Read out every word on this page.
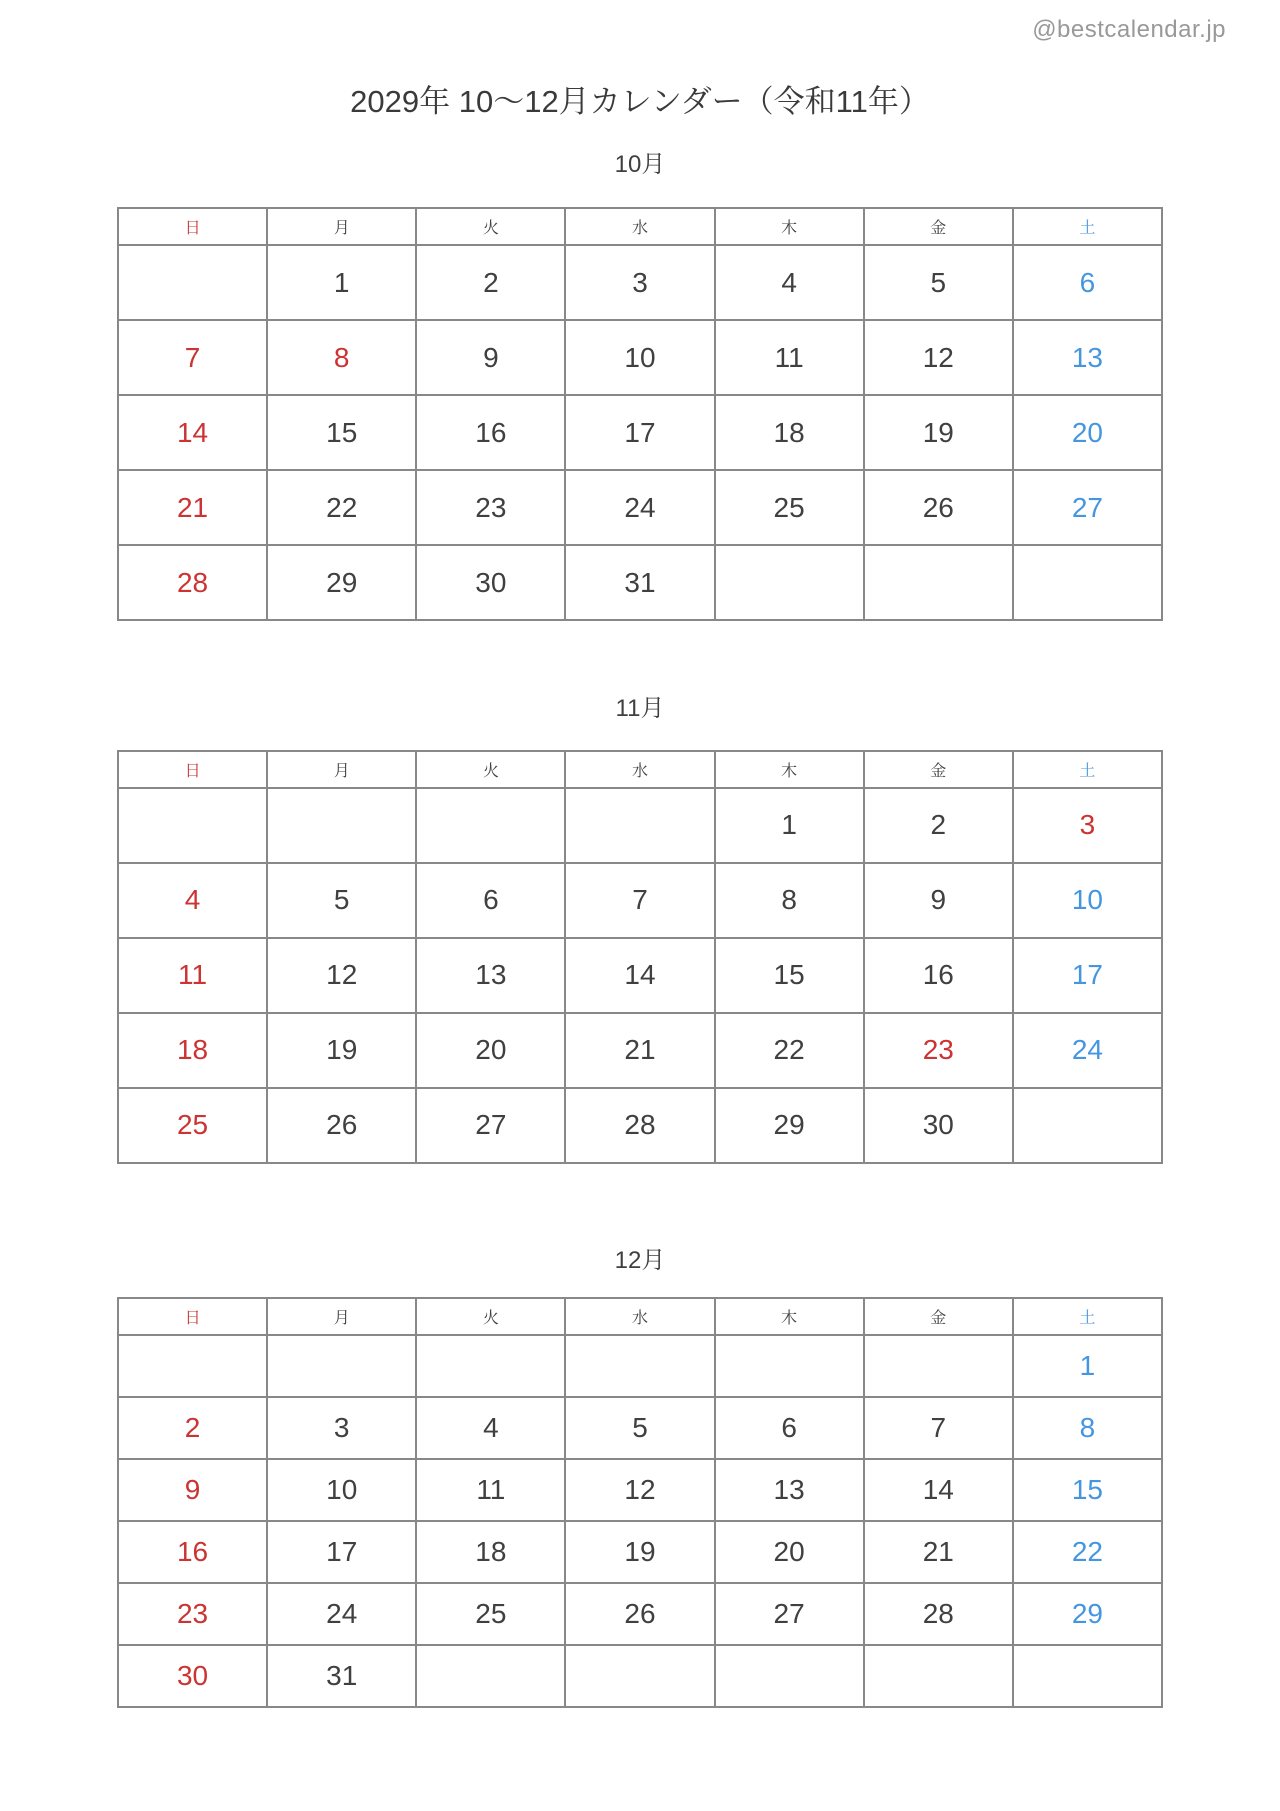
@bestcalendar.jp
2029年 10〜12月カレンダー（令和11年）
10月
日	月	火	水	木	金	土
	1	2	3	4	5	6
7	8	9	10	11	12	13
14	15	16	17	18	19	20
21	22	23	24	25	26	27
28	29	30	31			
11月
日	月	火	水	木	金	土
				1	2	3
4	5	6	7	8	9	10
11	12	13	14	15	16	17
18	19	20	21	22	23	24
25	26	27	28	29	30	
12月
日	月	火	水	木	金	土
						1
2	3	4	5	6	7	8
9	10	11	12	13	14	15
16	17	18	19	20	21	22
23	24	25	26	27	28	29
30	31					
